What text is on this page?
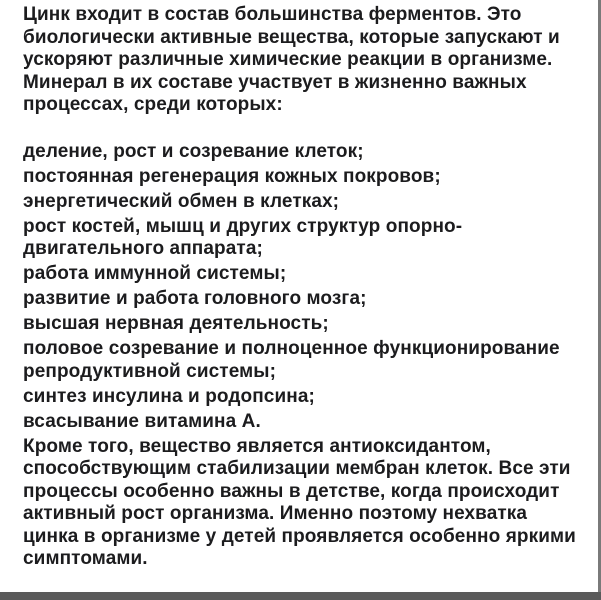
Цинк входит в состав большинства ферментов. Это биологически активные вещества, которые запускают и ускоряют различные химические реакции в организме. Минерал в их составе участвует в жизненно важных процессах, среди которых:

деление, рост и созревание клеток;
постоянная регенерация кожных покровов;
энергетический обмен в клетках;
рост костей, мышц и других структур опорно-двигательного аппарата;
работа иммунной системы;
развитие и работа головного мозга;
высшая нервная деятельность;
половое созревание и полноценное функционирование репродуктивной системы;
синтез инсулина и родопсина;
всасывание витамина А.

Кроме того, вещество является антиоксидантом, способствующим стабилизации мембран клеток. Все эти процессы особенно важны в детстве, когда происходит активный рост организма. Именно поэтому нехватка цинка в организме у детей проявляется особенно яркими симптомами.
